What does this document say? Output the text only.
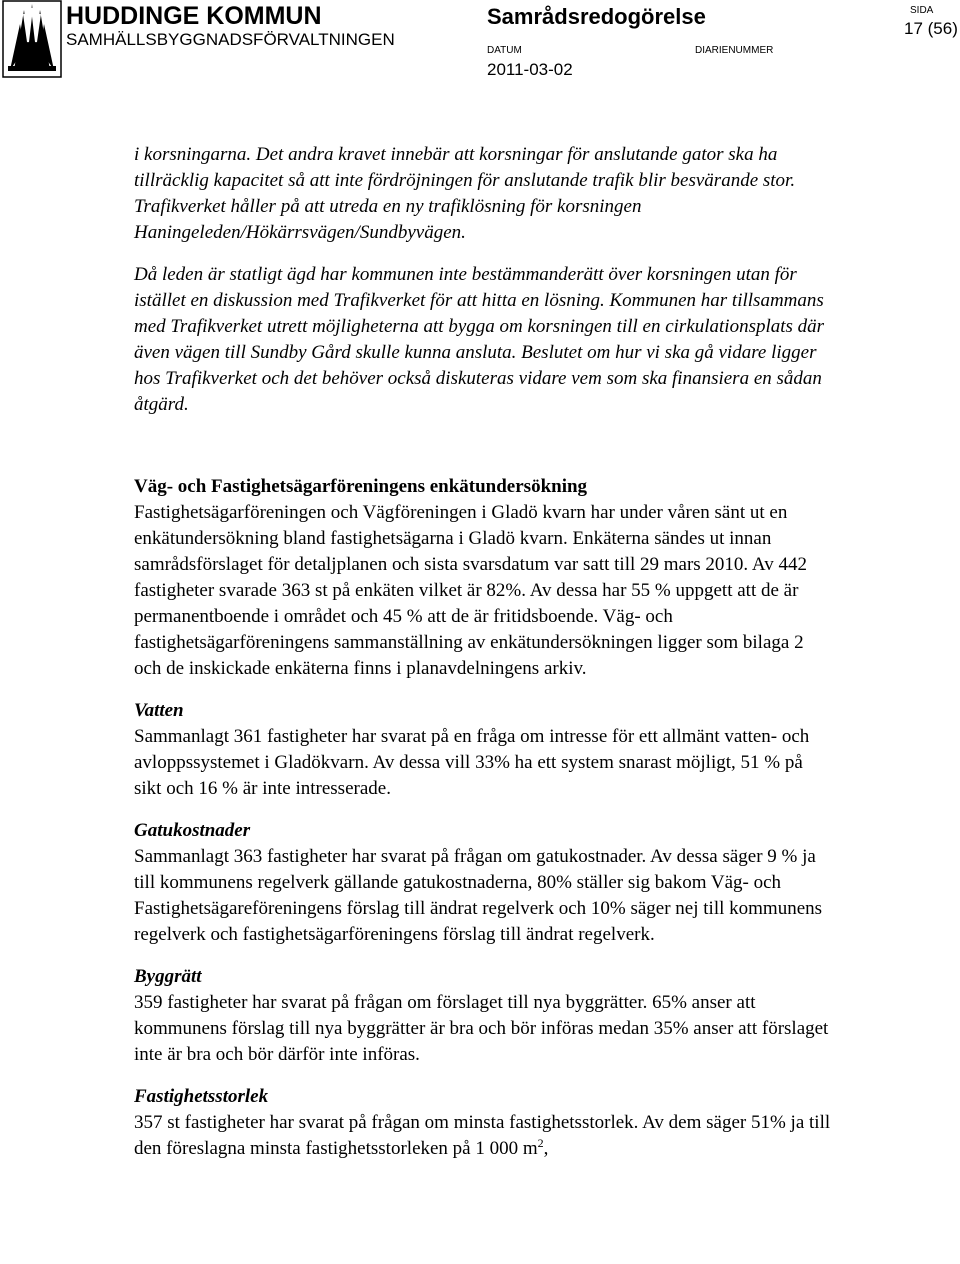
HUDDINGE KOMMUN
SAMHÄLLSBYGGNADSFÖRVALTNINGEN
Samrådsredogörelse
DATUM	DIARIENUMMER
2011-03-02
SIDA
17 (56)

i korsningarna. Det andra kravet innebär att korsningar för anslutande gator ska ha tillräcklig kapacitet så att inte fördröjningen för anslutande trafik blir besvärande stor. Trafikverket håller på att utreda en ny trafiklösning för korsningen Haningeleden/Hökärrsvägen/Sundbyvägen.

Då leden är statligt ägd har kommunen inte bestämmanderätt över korsningen utan för istället en diskussion med Trafikverket för att hitta en lösning. Kommunen har tillsammans med Trafikverket utrett möjligheterna att bygga om korsningen till en cirkulationsplats där även vägen till Sundby Gård skulle kunna ansluta. Beslutet om hur vi ska gå vidare ligger hos Trafikverket och det behöver också diskuteras vidare vem som ska finansiera en sådan åtgärd.

Väg- och Fastighetsägarföreningens enkätundersökning

Fastighetsägarföreningen och Vägföreningen i Gladö kvarn har under våren sänt ut en enkätundersökning bland fastighetsägarna i Gladö kvarn. Enkäterna sändes ut innan samrådsförslaget för detaljplanen och sista svarsdatum var satt till 29 mars 2010. Av 442 fastigheter svarade 363 st på enkäten vilket är 82%. Av dessa har 55 % uppgett att de är permanentboende i området och 45 % att de är fritidsboende. Väg- och fastighetsägarföreningens sammanställning av enkätundersökningen ligger som bilaga 2 och de inskickade enkäterna finns i planavdelningens arkiv.

Vatten

Sammanlagt 361 fastigheter har svarat på en fråga om intresse för ett allmänt vatten- och avloppssystemet i Gladökvarn. Av dessa vill 33% ha ett system snarast möjligt, 51 % på sikt och 16 % är inte intresserade.

Gatukostnader

Sammanlagt 363 fastigheter har svarat på frågan om gatukostnader. Av dessa säger 9 % ja till kommunens regelverk gällande gatukostnaderna, 80% ställer sig bakom Väg- och Fastighetsägareföreningens förslag till ändrat regelverk och 10% säger nej till kommunens regelverk och fastighetsägarföreningens förslag till ändrat regelverk.

Byggrätt

359 fastigheter har svarat på frågan om förslaget till nya byggrätter. 65% anser att kommunens förslag till nya byggrätter är bra och bör införas medan 35% anser att förslaget inte är bra och bör därför inte införas.

Fastighetsstorlek

357 st fastigheter har svarat på frågan om minsta fastighetsstorlek. Av dem säger 51% ja till den föreslagna minsta fastighetsstorleken på 1 000 $m^2$,
